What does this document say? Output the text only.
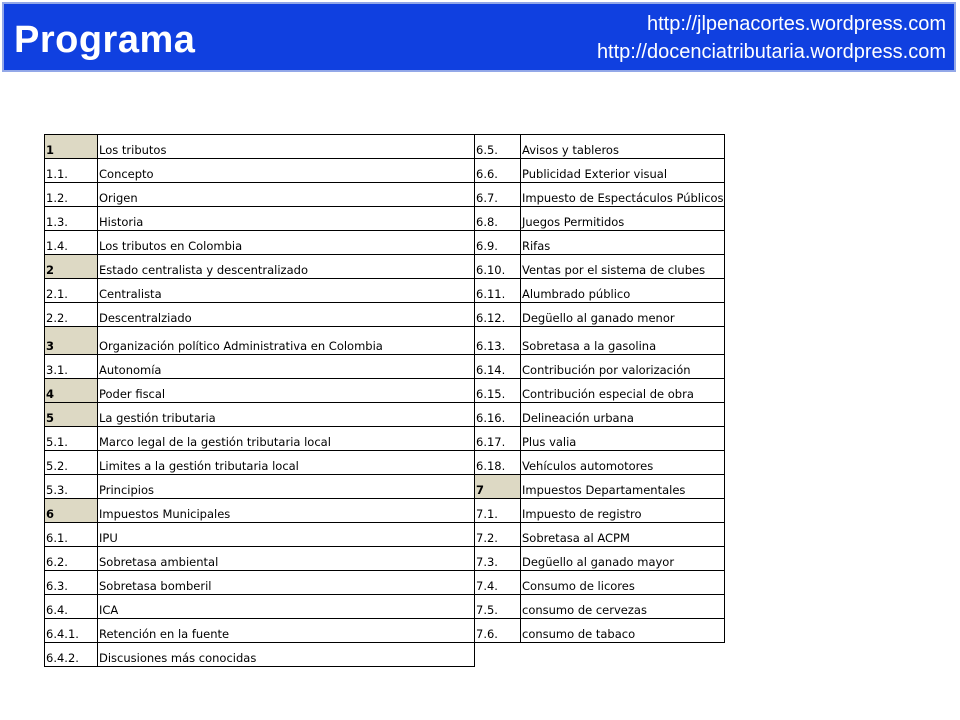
Programa	http://jlpenacortes.wordpress.com
http://docenciatributaria.wordpress.com
1	Los tributos	6.5.	Avisos y tableros
1.1.	Concepto	6.6.	Publicidad Exterior visual
1.2.	Origen	6.7.	Impuesto de Espectáculos Públicos
1.3.	Historia	6.8.	Juegos Permitidos
1.4.	Los tributos en Colombia	6.9.	Rifas
2	Estado centralista y descentralizado	6.10.	Ventas por el sistema de clubes
2.1.	Centralista	6.11.	Alumbrado público
2.2.	Descentralziado	6.12.	Degüello al ganado menor
3	Organización político Administrativa en Colombia	6.13.	Sobretasa a la gasolina
3.1.	Autonomía	6.14.	Contribución por valorización
4	Poder fiscal	6.15.	Contribución especial de obra
5	La gestión tributaria	6.16.	Delineación urbana
5.1.	Marco legal de la gestión tributaria local	6.17.	Plus valia
5.2.	Limites a la gestión tributaria local	6.18.	Vehículos automotores
5.3.	Principios	7	Impuestos Departamentales
6	Impuestos Municipales	7.1.	Impuesto de registro
6.1.	IPU	7.2.	Sobretasa al ACPM
6.2.	Sobretasa ambiental	7.3.	Degüello al ganado mayor
6.3.	Sobretasa bomberil	7.4.	Consumo de licores
6.4.	ICA	7.5.	consumo de cervezas
6.4.1.	Retención en la fuente	7.6.	consumo de tabaco
6.4.2.	Discusiones más conocidas		
